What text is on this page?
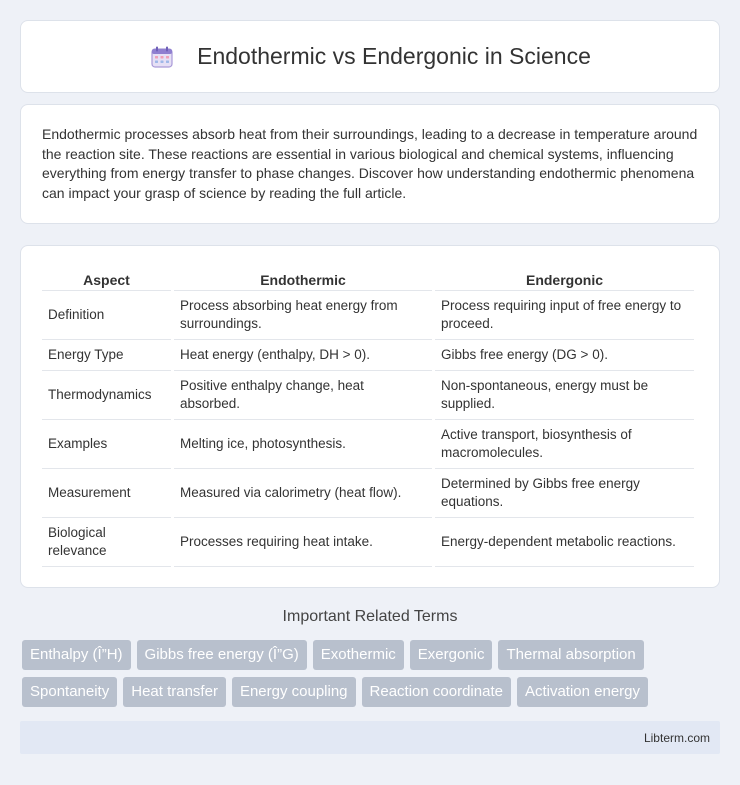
Endothermic vs Endergonic in Science

Endothermic processes absorb heat from their surroundings, leading to a decrease in temperature around the reaction site. These reactions are essential in various biological and chemical systems, influencing everything from energy transfer to phase changes. Discover how understanding endothermic phenomena can impact your grasp of science by reading the full article.

Aspect	Endothermic	Endergonic
Definition	Process absorbing heat energy from surroundings.	Process requiring input of free energy to proceed.
Energy Type	Heat energy (enthalpy, DH > 0).	Gibbs free energy (DG > 0).
Thermodynamics	Positive enthalpy change, heat absorbed.	Non-spontaneous, energy must be supplied.
Examples	Melting ice, photosynthesis.	Active transport, biosynthesis of macromolecules.
Measurement	Measured via calorimetry (heat flow).	Determined by Gibbs free energy equations.
Biological relevance	Processes requiring heat intake.	Energy-dependent metabolic reactions.
Important Related Terms
Enthalpy (Î”H)	Gibbs free energy (Î”G)	Exothermic	Exergonic	Thermal absorption
Spontaneity	Heat transfer	Energy coupling	Reaction coordinate	Activation energy
Libterm.com
